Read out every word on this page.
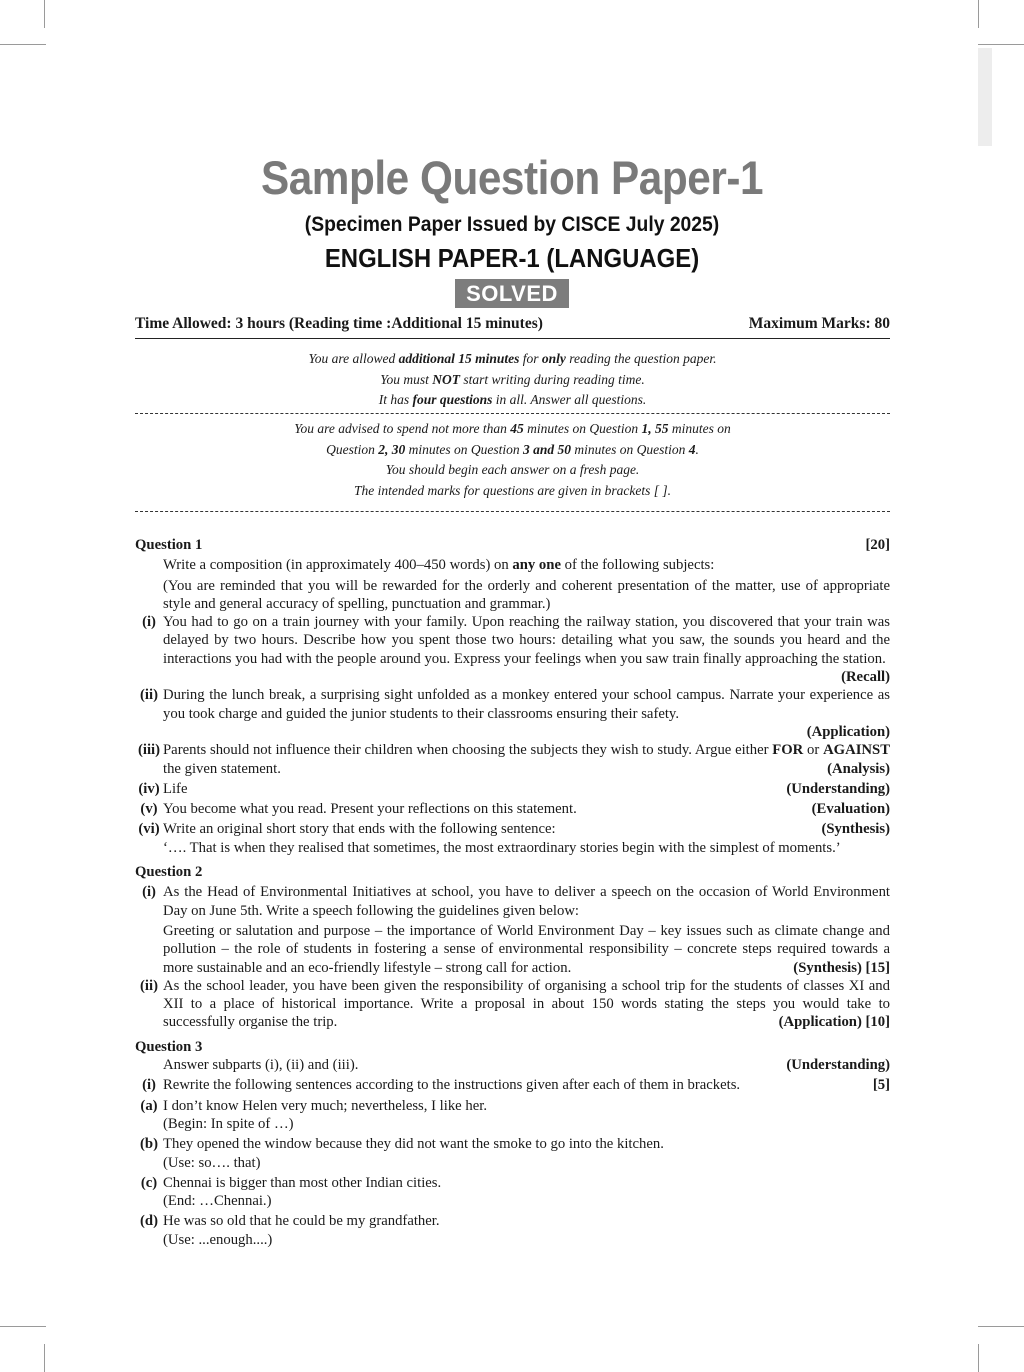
Sample Question Paper-1
(Specimen Paper Issued by CISCE July 2025)
ENGLISH PAPER-1 (LANGUAGE)
SOLVED
Time Allowed: 3 hours (Reading time :Additional 15 minutes)	Maximum Marks: 80
You are allowed additional 15 minutes for only reading the question paper.
You must NOT start writing during reading time.
It has four questions in all. Answer all questions.
You are advised to spend not more than 45 minutes on Question 1, 55 minutes on
Question 2, 30 minutes on Question 3 and 50 minutes on Question 4.
You should begin each answer on a fresh page.
The intended marks for questions are given in brackets [ ].
Question 1	[20]
Write a composition (in approximately 400–450 words) on any one of the following subjects:
(You are reminded that you will be rewarded for the orderly and coherent presentation of the matter, use of appropriate style and general accuracy of spelling, punctuation and grammar.)
(i) You had to go on a train journey with your family. Upon reaching the railway station, you discovered that your train was delayed by two hours. Describe how you spent those two hours: detailing what you saw, the sounds you heard and the interactions you had with the people around you. Express your feelings when you saw train finally approaching the station.
(Recall)
(ii) During the lunch break, a surprising sight unfolded as a monkey entered your school campus. Narrate your experience as you took charge and guided the junior students to their classrooms ensuring their safety.

(Application)

(iii) Parents should not influence their children when choosing the subjects they wish to study. Argue either FOR or AGAINST the given statement.	(Analysis)
(iv) Life	(Understanding)
(v) You become what you read. Present your reflections on this statement.	(Evaluation)
(vi) Write an original short story that ends with the following sentence:	(Synthesis)
‘…. That is when they realised that sometimes, the most extraordinary stories begin with the simplest of moments.’
Question 2
(i) As the Head of Environmental Initiatives at school, you have to deliver a speech on the occasion of World Environment Day on June 5th. Write a speech following the guidelines given below:
Greeting or salutation and purpose – the importance of World Environment Day – key issues such as climate change and pollution – the role of students in fostering a sense of environmental responsibility – concrete steps required towards a more sustainable and an eco-friendly lifestyle – strong call for action.	(Synthesis) [15]
(ii) As the school leader, you have been given the responsibility of organising a school trip for the students of classes XI and XII to a place of historical importance. Write a proposal in about 150 words stating the steps you would take to successfully organise the trip.	(Application) [10]
Question 3
Answer subparts (i), (ii) and (iii).	(Understanding)
(i) Rewrite the following sentences according to the instructions given after each of them in brackets.	[5]
(a) I don’t know Helen very much; nevertheless, I like her.
(Begin: In spite of …)
(b) They opened the window because they did not want the smoke to go into the kitchen.
(Use: so…. that)
(c) Chennai is bigger than most other Indian cities.
(End: …Chennai.)
(d) He was so old that he could be my grandfather.
(Use: ...enough....)
